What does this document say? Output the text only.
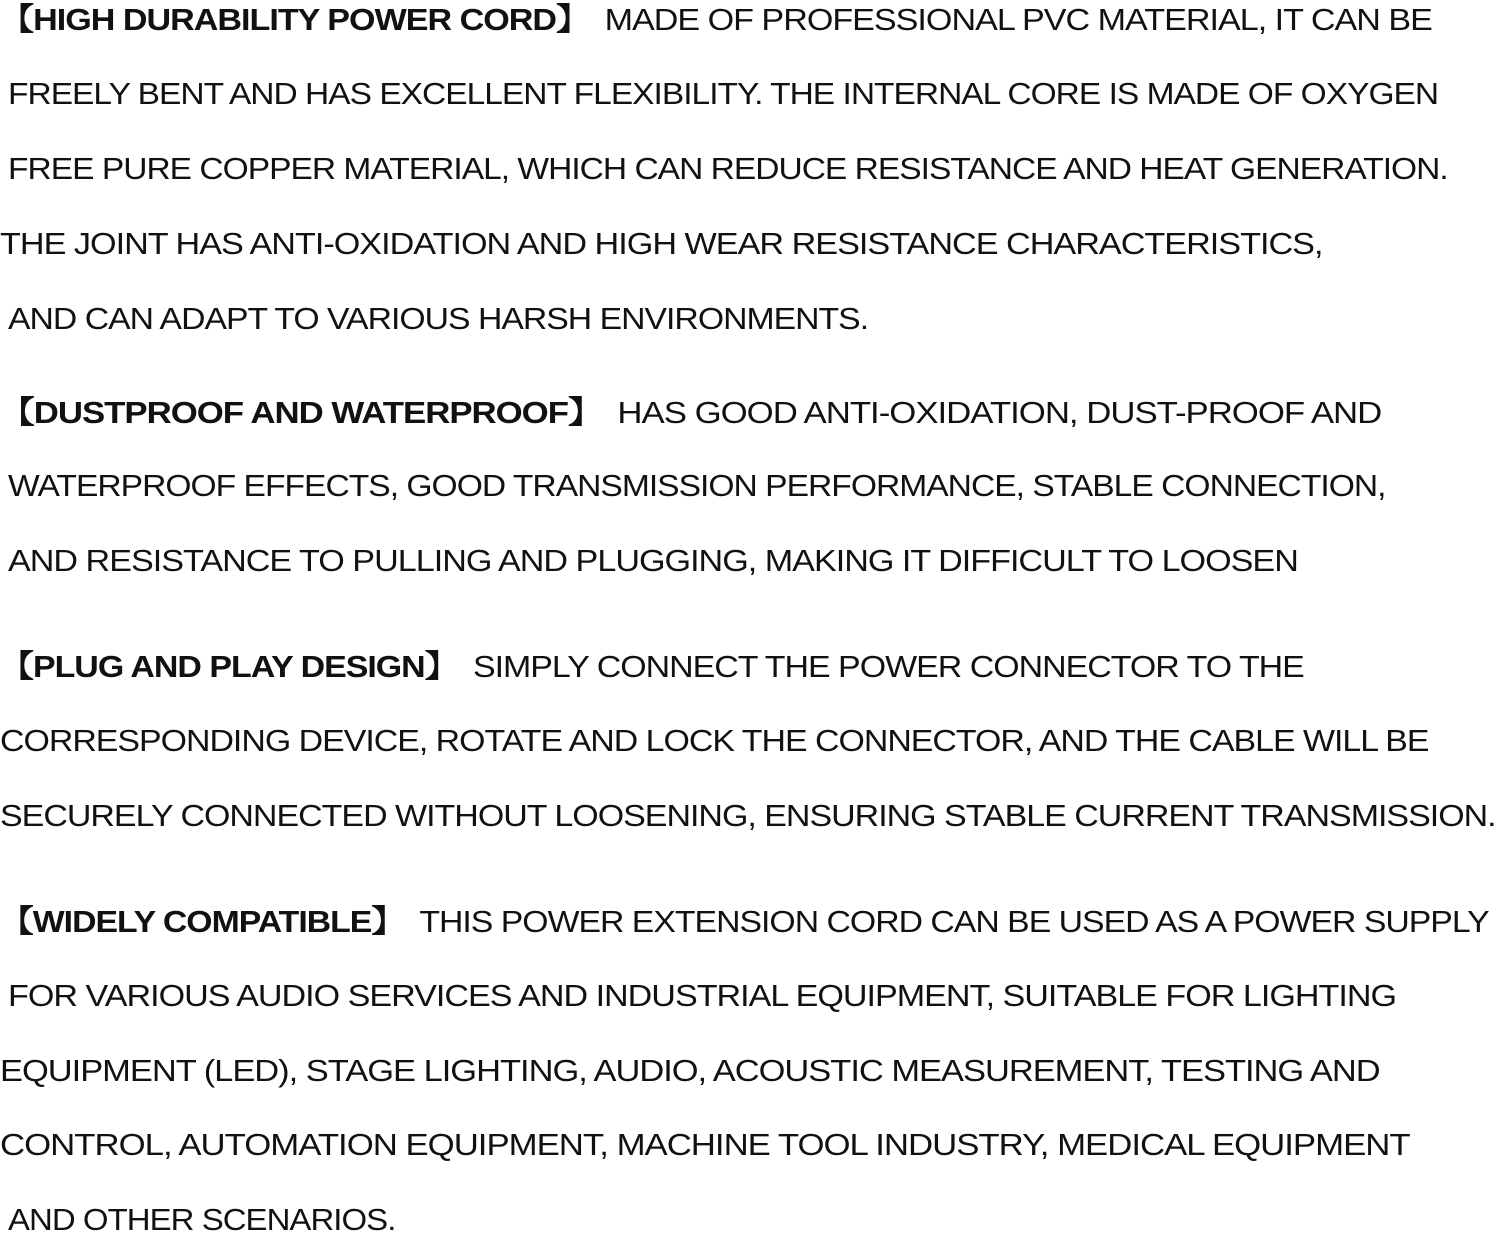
【HIGH DURABILITY POWER CORD】 MADE OF PROFESSIONAL PVC MATERIAL, IT CAN BE
FREELY BENT AND HAS EXCELLENT FLEXIBILITY. THE INTERNAL CORE IS MADE OF OXYGEN
FREE PURE COPPER MATERIAL, WHICH CAN REDUCE RESISTANCE AND HEAT GENERATION.
THE JOINT HAS ANTI-OXIDATION AND HIGH WEAR RESISTANCE CHARACTERISTICS,
AND CAN ADAPT TO VARIOUS HARSH ENVIRONMENTS.
【DUSTPROOF AND WATERPROOF】 HAS GOOD ANTI-OXIDATION, DUST-PROOF AND
WATERPROOF EFFECTS, GOOD TRANSMISSION PERFORMANCE, STABLE CONNECTION,
AND RESISTANCE TO PULLING AND PLUGGING, MAKING IT DIFFICULT TO LOOSEN
【PLUG AND PLAY DESIGN】 SIMPLY CONNECT THE POWER CONNECTOR TO THE
CORRESPONDING DEVICE, ROTATE AND LOCK THE CONNECTOR, AND THE CABLE WILL BE
SECURELY CONNECTED WITHOUT LOOSENING, ENSURING STABLE CURRENT TRANSMISSION.
【WIDELY COMPATIBLE】 THIS POWER EXTENSION CORD CAN BE USED AS A POWER SUPPLY
FOR VARIOUS AUDIO SERVICES AND INDUSTRIAL EQUIPMENT, SUITABLE FOR LIGHTING
EQUIPMENT (LED), STAGE LIGHTING, AUDIO, ACOUSTIC MEASUREMENT, TESTING AND
CONTROL, AUTOMATION EQUIPMENT, MACHINE TOOL INDUSTRY, MEDICAL EQUIPMENT
AND OTHER SCENARIOS.
